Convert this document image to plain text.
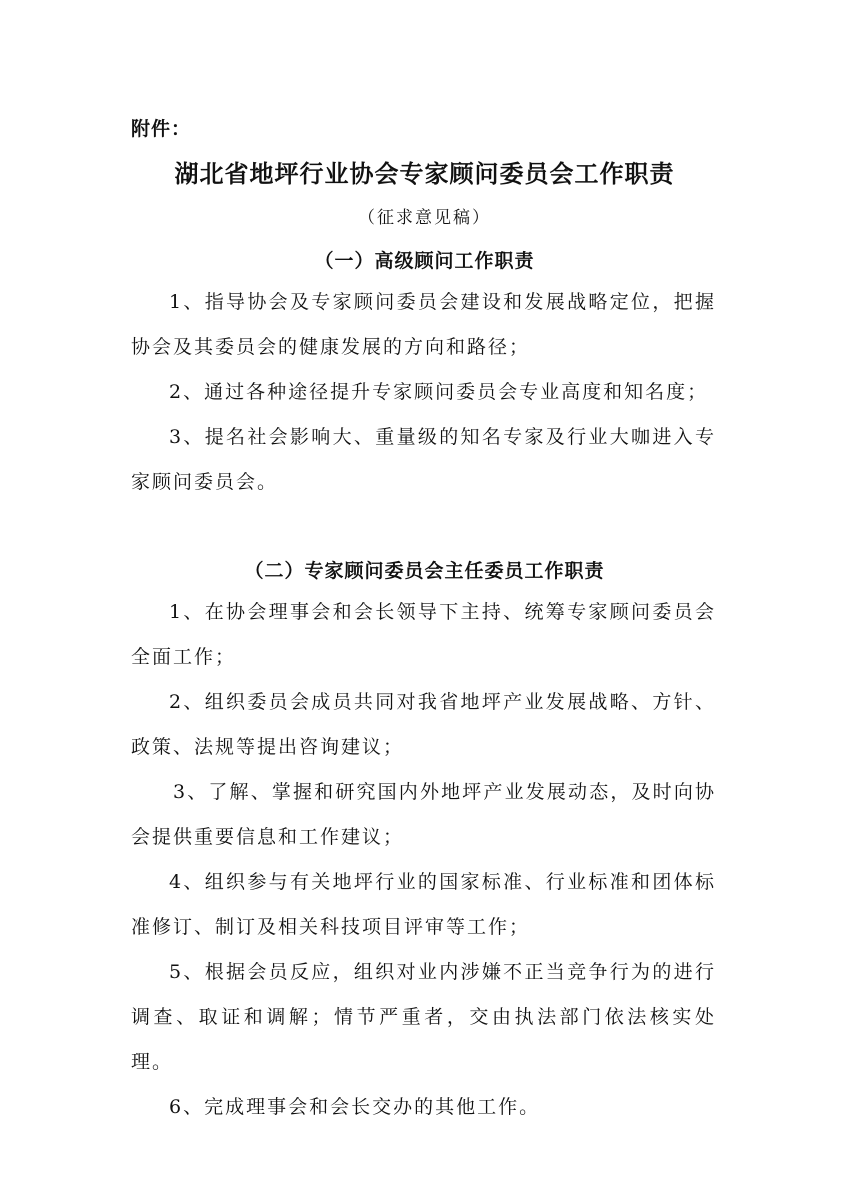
附件：
湖北省地坪行业协会专家顾问委员会工作职责
（征求意见稿）
（一）高级顾问工作职责

1、指导协会及专家顾问委员会建设和发展战略定位，把握协会及其委员会的健康发展的方向和路径；

2、通过各种途径提升专家顾问委员会专业高度和知名度；

3、提名社会影响大、重量级的知名专家及行业大咖进入专家顾问委员会。

（二）专家顾问委员会主任委员工作职责

1、在协会理事会和会长领导下主持、统筹专家顾问委员会全面工作；

2、组织委员会成员共同对我省地坪产业发展战略、方针、政策、法规等提出咨询建议；

3、了解、掌握和研究国内外地坪产业发展动态，及时向协会提供重要信息和工作建议；

4、组织参与有关地坪行业的国家标准、行业标准和团体标准修订、制订及相关科技项目评审等工作；

5、根据会员反应，组织对业内涉嫌不正当竞争行为的进行调查、取证和调解；情节严重者，交由执法部门依法核实处理。

6、完成理事会和会长交办的其他工作。
